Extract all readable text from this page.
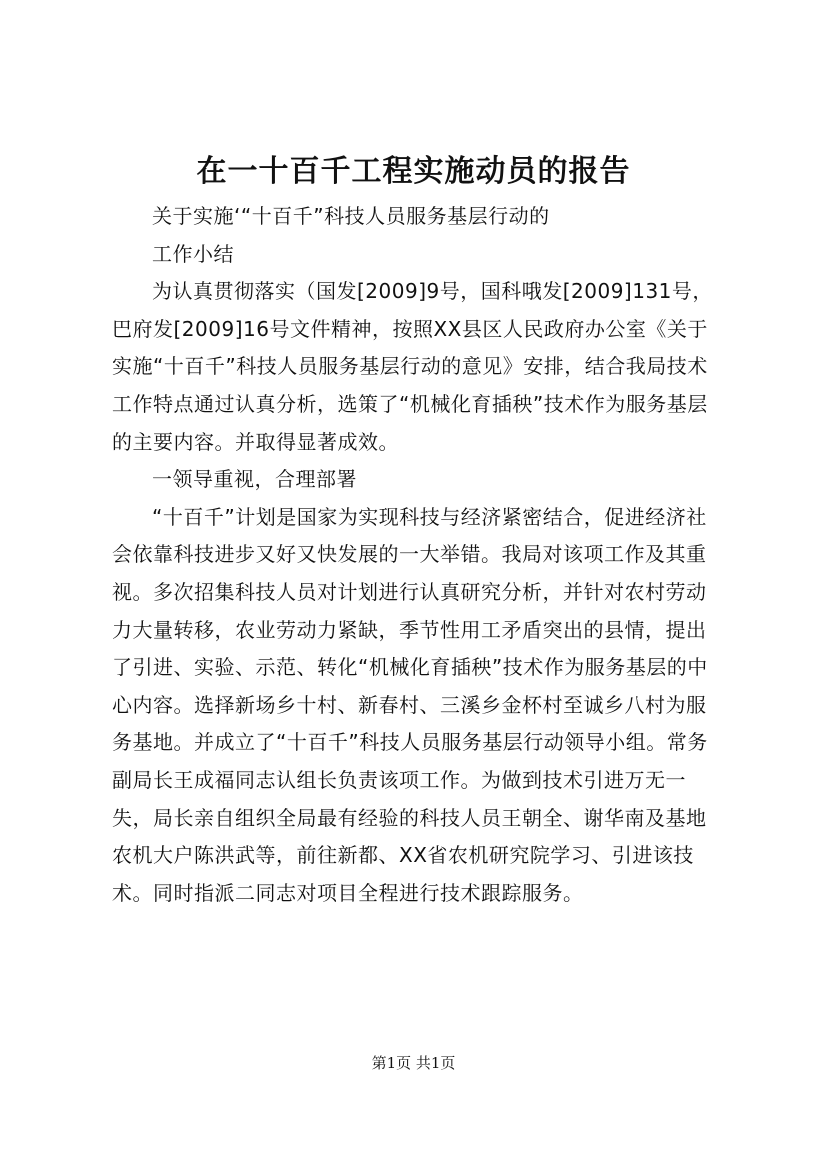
在一十百千工程实施动员的报告

关于实施‘“十百千”科技人员服务基层行动的

工作小结

为认真贯彻落实（国发[2009]9号，国科哦发[2009]131号，巴府发[2009]16号文件精神，按照XX县区人民政府办公室《关于实施“十百千”科技人员服务基层行动的意见》安排，结合我局技术工作特点通过认真分析，选策了“机械化育插秧”技术作为服务基层的主要内容。并取得显著成效。

一领导重视，合理部署

“十百千”计划是国家为实现科技与经济紧密结合，促进经济社会依靠科技进步又好又快发展的一大举错。我局对该项工作及其重视。多次招集科技人员对计划进行认真研究分析，并针对农村劳动力大量转移，农业劳动力紧缺，季节性用工矛盾突出的县情，提出了引进、实验、示范、转化“机械化育插秧”技术作为服务基层的中心内容。选择新场乡十村、新春村、三溪乡金杯村至诚乡八村为服务基地。并成立了“十百千”科技人员服务基层行动领导小组。常务副局长王成福同志认组长负责该项工作。为做到技术引进万无一失，局长亲自组织全局最有经验的科技人员王朝全、谢华南及基地农机大户陈洪武等，前往新都、XX省农机研究院学习、引进该技术。同时指派二同志对项目全程进行技术跟踪服务。

第1页 共1页
